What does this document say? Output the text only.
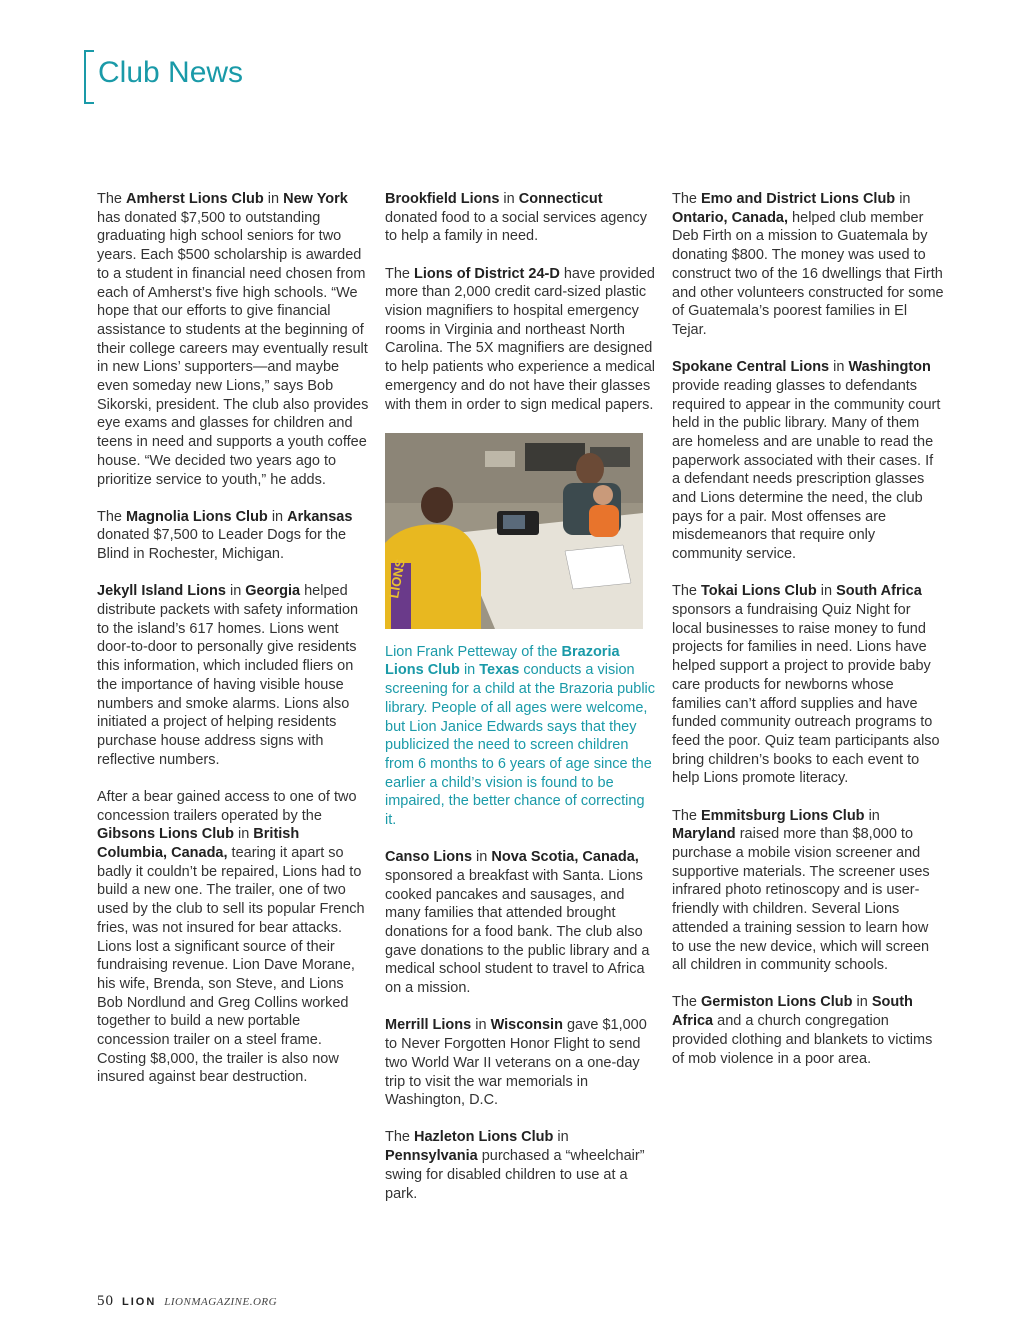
Club News

The Amherst Lions Club in New York has donated $7,500 to outstanding graduating high school seniors for two years. Each $500 scholarship is awarded to a student in financial need chosen from each of Amherst’s five high schools. “We hope that our efforts to give financial assistance to students at the beginning of their college careers may eventually result in new Lions’ supporters—and maybe even someday new Lions,” says Bob Sikorski, president. The club also provides eye exams and glasses for children and teens in need and supports a youth coffee house. “We decided two years ago to prioritize service to youth,” he adds.

The Magnolia Lions Club in Arkansas donated $7,500 to Leader Dogs for the Blind in Rochester, Michigan.

Jekyll Island Lions in Georgia helped distribute packets with safety information to the island’s 617 homes. Lions went door-to-door to personally give residents this information, which included fliers on the importance of having visible house numbers and smoke alarms. Lions also initiated a project of helping residents purchase house address signs with reflective numbers.

After a bear gained access to one of two concession trailers operated by the Gibsons Lions Club in British Columbia, Canada, tearing it apart so badly it couldn’t be repaired, Lions had to build a new one. The trailer, one of two used by the club to sell its popular French fries, was not insured for bear attacks. Lions lost a significant source of their fundraising revenue. Lion Dave Morane, his wife, Brenda, son Steve, and Lions Bob Nordlund and Greg Collins worked together to build a new portable concession trailer on a steel frame. Costing $8,000, the trailer is also now insured against bear destruction.

Brookfield Lions in Connecticut donated food to a social services agency to help a family in need.

The Lions of District 24-D have provided more than 2,000 credit card-sized plastic vision magnifiers to hospital emergency rooms in Virginia and northeast North Carolina. The 5X magnifiers are designed to help patients who experience a medical emergency and do not have their glasses with them in order to sign medical papers.

LIONS

Lion Frank Petteway of the Brazoria Lions Club in Texas conducts a vision screening for a child at the Brazoria public library. People of all ages were welcome, but Lion Janice Edwards says that they publicized the need to screen children from 6 months to 6 years of age since the earlier a child’s vision is found to be impaired, the better chance of correcting it.

Canso Lions in Nova Scotia, Canada, sponsored a breakfast with Santa. Lions cooked pancakes and sausages, and many families that attended brought donations for a food bank. The club also gave donations to the public library and a medical school student to travel to Africa on a mission.

Merrill Lions in Wisconsin gave $1,000 to Never Forgotten Honor Flight to send two World War II veterans on a one-day trip to visit the war memorials in Washington, D.C.

The Hazleton Lions Club in Pennsylvania purchased a “wheelchair” swing for disabled children to use at a park.

The Emo and District Lions Club in Ontario, Canada, helped club member Deb Firth on a mission to Guatemala by donating $800. The money was used to construct two of the 16 dwellings that Firth and other volunteers constructed for some of Guatemala’s poorest families in El Tejar.

Spokane Central Lions in Washington provide reading glasses to defendants required to appear in the community court held in the public library. Many of them are homeless and are unable to read the paperwork associated with their cases. If a defendant needs prescription glasses and Lions determine the need, the club pays for a pair. Most offenses are misdemeanors that require only community service.

The Tokai Lions Club in South Africa sponsors a fundraising Quiz Night for local businesses to raise money to fund projects for families in need. Lions have helped support a project to provide baby care products for newborns whose families can’t afford supplies and have funded community outreach programs to feed the poor. Quiz team participants also bring children’s books to each event to help Lions promote literacy.

The Emmitsburg Lions Club in Maryland raised more than $8,000 to purchase a mobile vision screener and supportive materials. The screener uses infrared photo retinoscopy and is user-friendly with children. Several Lions attended a training session to learn how to use the new device, which will screen all children in community schools.

The Germiston Lions Club in South Africa and a church congregation provided clothing and blankets to victims of mob violence in a poor area.

50 LION LIONMAGAZINE.ORG
